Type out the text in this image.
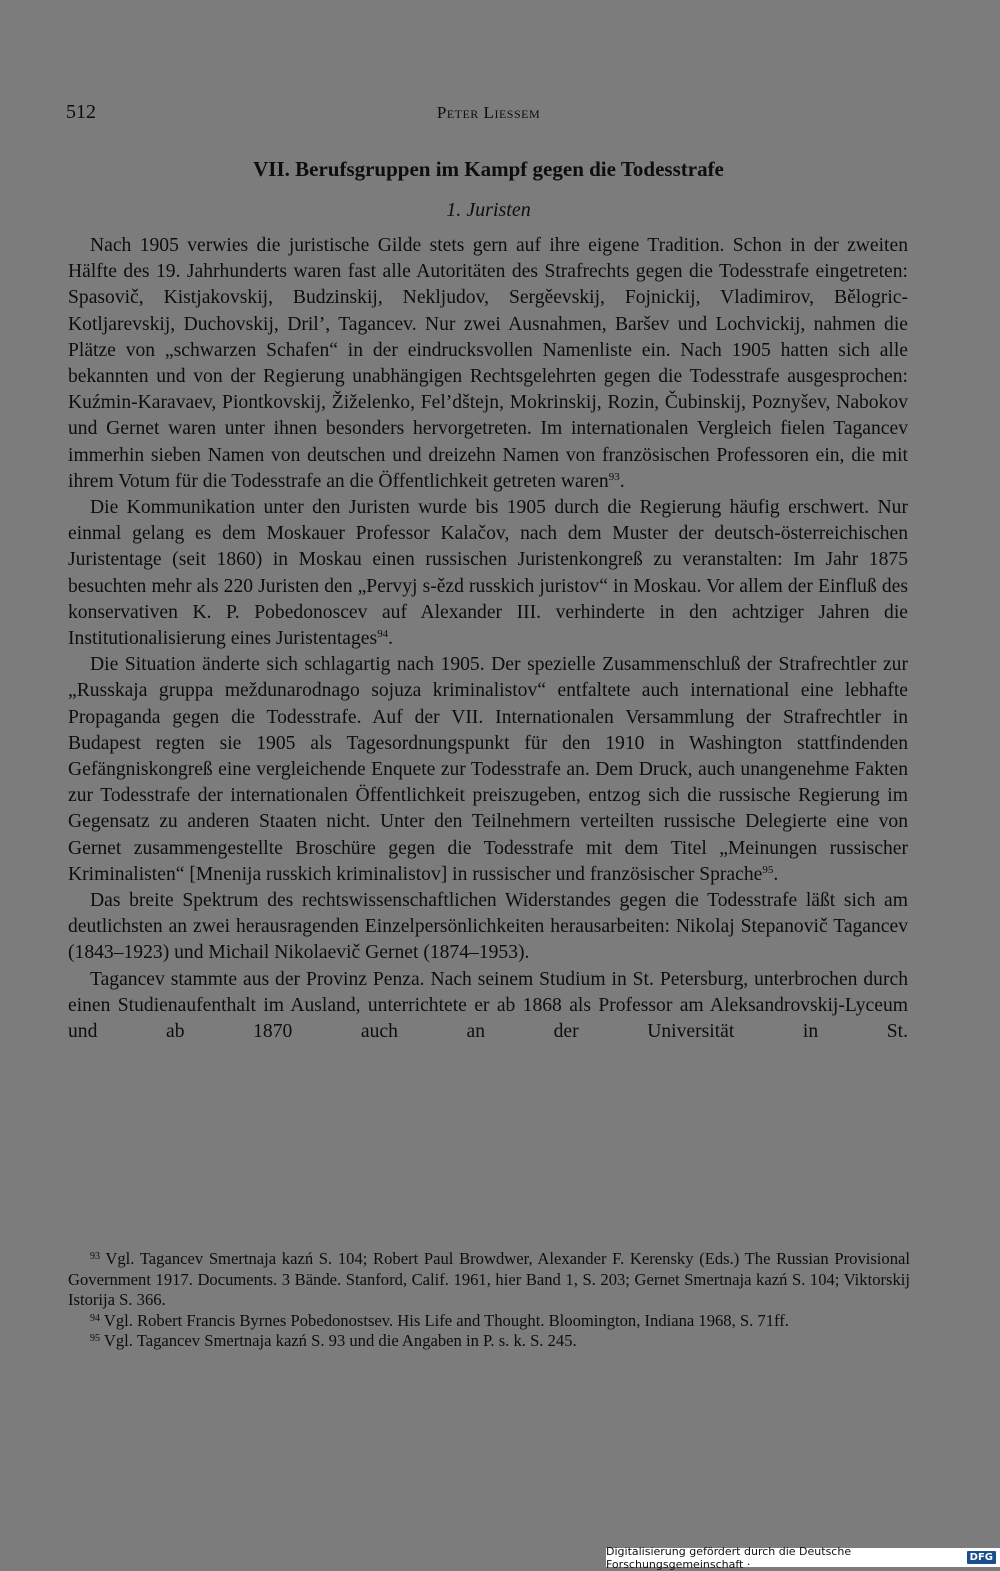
512	Peter Liessem
VII. Berufsgruppen im Kampf gegen die Todesstrafe
1. Juristen

Nach 1905 verwies die juristische Gilde stets gern auf ihre eigene Tradition. Schon in der zweiten Hälfte des 19. Jahrhunderts waren fast alle Autoritäten des Strafrechts gegen die Todesstrafe eingetreten: Spasovič, Kistjakovskij, Budzinskij, Nekljudov, Sergěevskij, Fojnickij, Vladimirov, Bělogric-Kotljarevskij, Duchovskij, Dril’, Tagancev. Nur zwei Ausnahmen, Baršev und Lochvickij, nahmen die Plätze von „schwarzen Schafen“ in der eindrucksvollen Namenliste ein. Nach 1905 hatten sich alle bekannten und von der Regierung unabhängigen Rechtsgelehrten gegen die Todesstrafe ausgesprochen: Kuźmin-Karavaev, Piontkovskij, Žiželenko, Fel’dštejn, Mokrinskij, Rozin, Čubinskij, Poznyšev, Nabokov und Gernet waren unter ihnen besonders hervorgetreten. Im internationalen Vergleich fielen Tagancev immerhin sieben Namen von deutschen und dreizehn Namen von französischen Professoren ein, die mit ihrem Votum für die Todesstrafe an die Öffentlichkeit getreten waren$^{93}$.

Die Kommunikation unter den Juristen wurde bis 1905 durch die Regierung häufig erschwert. Nur einmal gelang es dem Moskauer Professor Kalačov, nach dem Muster der deutsch-österreichischen Juristentage (seit 1860) in Moskau einen russischen Juristenkongreß zu veranstalten: Im Jahr 1875 besuchten mehr als 220 Juristen den „Pervyj s-ězd russkich juristov“ in Moskau. Vor allem der Einfluß des konservativen K. P. Pobedonoscev auf Alexander III. verhinderte in den achtziger Jahren die Institutionalisierung eines Juristentages$^{94}$.

Die Situation änderte sich schlagartig nach 1905. Der spezielle Zusammenschluß der Strafrechtler zur „Russkaja gruppa meždunarodnago sojuza kriminalistov“ entfaltete auch international eine lebhafte Propaganda gegen die Todesstrafe. Auf der VII. Internationalen Versammlung der Strafrechtler in Budapest regten sie 1905 als Tagesordnungspunkt für den 1910 in Washington stattfindenden Gefängniskongreß eine vergleichende Enquete zur Todesstrafe an. Dem Druck, auch unangenehme Fakten zur Todesstrafe der internationalen Öffentlichkeit preiszugeben, entzog sich die russische Regierung im Gegensatz zu anderen Staaten nicht. Unter den Teilnehmern verteilten russische Delegierte eine von Gernet zusammengestellte Broschüre gegen die Todesstrafe mit dem Titel „Meinungen russischer Kriminalisten“ [Mnenija russkich kriminalistov] in russischer und französischer Sprache$^{95}$.

Das breite Spektrum des rechtswissenschaftlichen Widerstandes gegen die Todesstrafe läßt sich am deutlichsten an zwei herausragenden Einzelpersönlichkeiten herausarbeiten: Nikolaj Stepanovič Tagancev (1843–1923) und Michail Nikolaevič Gernet (1874–1953).

Tagancev stammte aus der Provinz Penza. Nach seinem Studium in St. Petersburg, unterbrochen durch einen Studienaufenthalt im Ausland, unterrichtete er ab 1868 als Professor am Aleksandrovskij-Lyceum und ab 1870 auch an der Universität in St.

$^{93}$ Vgl. Tagancev Smertnaja kazń S. 104; Robert Paul Browdwer, Alexander F. Kerensky (Eds.) The Russian Provisional Government 1917. Documents. 3 Bände. Stanford, Calif. 1961, hier Band 1, S. 203; Gernet Smertnaja kazń S. 104; Viktorskij Istorija S. 366.

$^{94}$ Vgl. Robert Francis Byrnes Pobedonostsev. His Life and Thought. Bloomington, Indiana 1968, S. 71ff.

$^{95}$ Vgl. Tagancev Smertnaja kazń S. 93 und die Angaben in P. s. k. S. 245.

Digitalisierung gefördert durch die Deutsche Forschungsgemeinschaft ·	DFG
